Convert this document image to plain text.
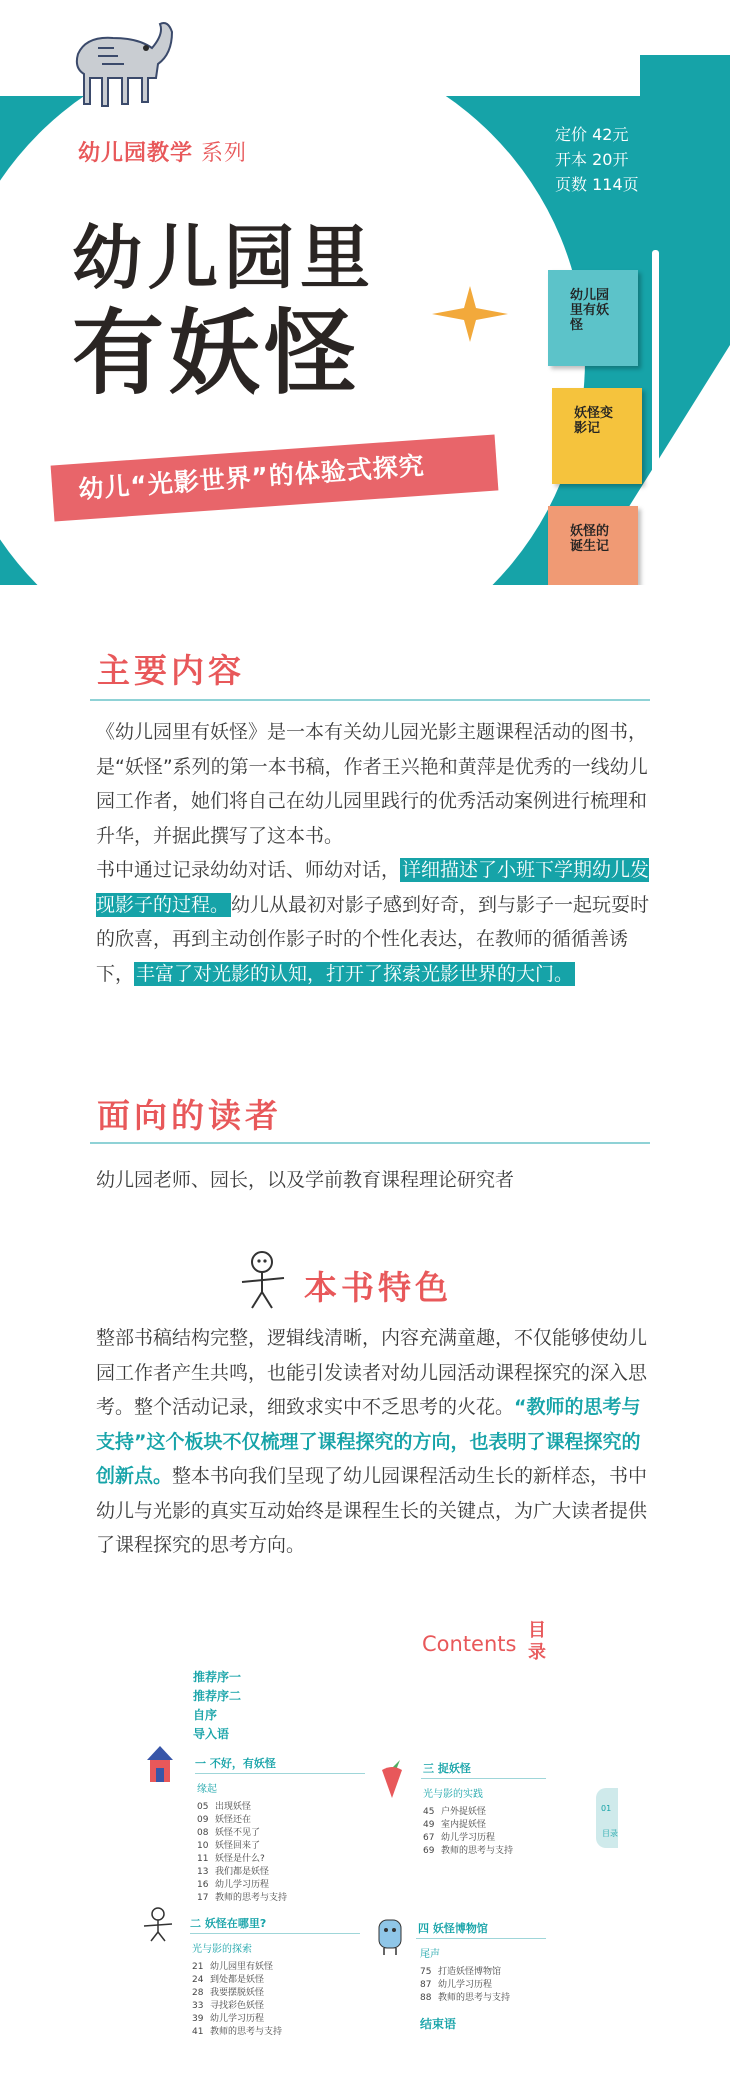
幼儿园教学 系列
定价 42元
开本 20开
页数 114页
幼儿园里
有妖怪
幼儿“光影世界”的体验式探究
幼儿园里有妖怪
妖怪变影记
妖怪的诞生记
主要内容
《幼儿园里有妖怪》是一本有关幼儿园光影主题课程活动的图书，是“妖怪”系列的第一本书稿，作者王兴艳和黄萍是优秀的一线幼儿园工作者，她们将自己在幼儿园里践行的优秀活动案例进行梳理和升华，并据此撰写了这本书。
书中通过记录幼幼对话、师幼对话， 详细描述了小班下学期幼儿发现影子的过程。 幼儿从最初对影子感到好奇，到与影子一起玩耍时的欣喜，再到主动创作影子时的个性化表达，在教师的循循善诱下， 丰富了对光影的认知，打开了探索光影世界的大门。
面向的读者
幼儿园老师、园长，以及学前教育课程理论研究者
本书特色
整部书稿结构完整，逻辑线清晰，内容充满童趣，不仅能够使幼儿园工作者产生共鸣，也能引发读者对幼儿园活动课程探究的深入思考。整个活动记录，细致求实中不乏思考的火花。“教师的思考与支持”这个板块不仅梳理了课程探究的方向，也表明了课程探究的创新点。整本书向我们呈现了幼儿园课程活动生长的新样态，书中幼儿与光影的真实互动始终是课程生长的关键点，为广大读者提供了课程探究的思考方向。
Contents
目录
推荐序一
推荐序二
自序
导入语
一 不好，有妖怪
缘起
05 出现妖怪
09 妖怪还在
08 妖怪不见了
10 妖怪回来了
11 妖怪是什么?
13 我们都是妖怪
16 幼儿学习历程
17 教师的思考与支持
二 妖怪在哪里?
光与影的探索
21 幼儿园里有妖怪
24 到处都是妖怪
28 我要摆脱妖怪
33 寻找彩色妖怪
39 幼儿学习历程
41 教师的思考与支持
三 捉妖怪
光与影的实践
45 户外捉妖怪
49 室内捉妖怪
67 幼儿学习历程
69 教师的思考与支持
01
目录
四 妖怪博物馆
尾声
75 打造妖怪博物馆
87 幼儿学习历程
88 教师的思考与支持
结束语
